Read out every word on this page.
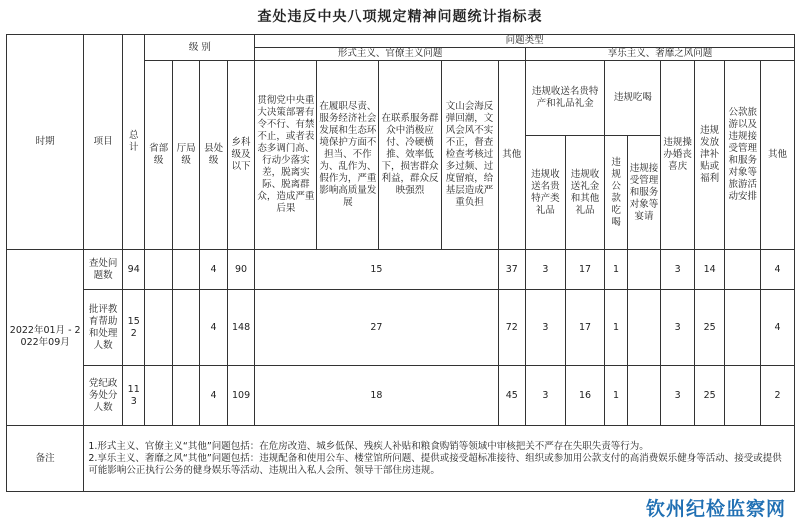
查处违反中央八项规定精神问题统计指标表
时期	项目	总计	级 别				问题类型												
							形式主义、官僚主义问题					享乐主义、奢靡之风问题							
			省部级	厅局级	县处级	乡科级及以下	贯彻党中央重大决策部署有令不行、有禁不止，或者表态多调门高、行动少落实差，脱离实际、脱离群众，造成严重后果	在履职尽责、服务经济社会发展和生态环境保护方面不担当、不作为、乱作为、假作为，严重影响高质量发展	在联系服务群众中消极应付、冷硬横推、效率低下，损害群众利益，群众反映强烈	文山会海反弹回潮，文风会风不实不正，督查检查考核过多过频、过度留痕，给基层造成严重负担	其他	违规收送名贵特产和礼品礼金		违规吃喝		违规操办婚丧喜庆	违规发放津补贴或福利	公款旅游以及违规接受管理和服务对象等旅游活动安排	其他
												违规收送名贵特产类礼品	违规收送礼金和其他礼品	违规公款吃喝	违规接受管理和服务对象等宴请				
2022年01月 - 2022年09月	查处问题数	94			4	90	15				37	3	17	1		3	14		4
	批评教育帮助和处理人数	152			4	148	27				72	3	17	1		3	25		4
	党纪政务处分人数	113			4	109	18				45	3	16	1		3	25		2
备注	1.形式主义、官僚主义“其他”问题包括：在危房改造、城乡低保、残疾人补贴和粮食购销等领域中审核把关不严存在失职失责等行为。
2.享乐主义、奢靡之风“其他”问题包括：违规配备和使用公车、楼堂馆所问题、提供或接受超标准接待、组织或参加用公款支付的高消费娱乐健身等活动、接受或提供可能影响公正执行公务的健身娱乐等活动、违规出入私人会所、领导干部住房违规。																		
钦州纪检监察网
